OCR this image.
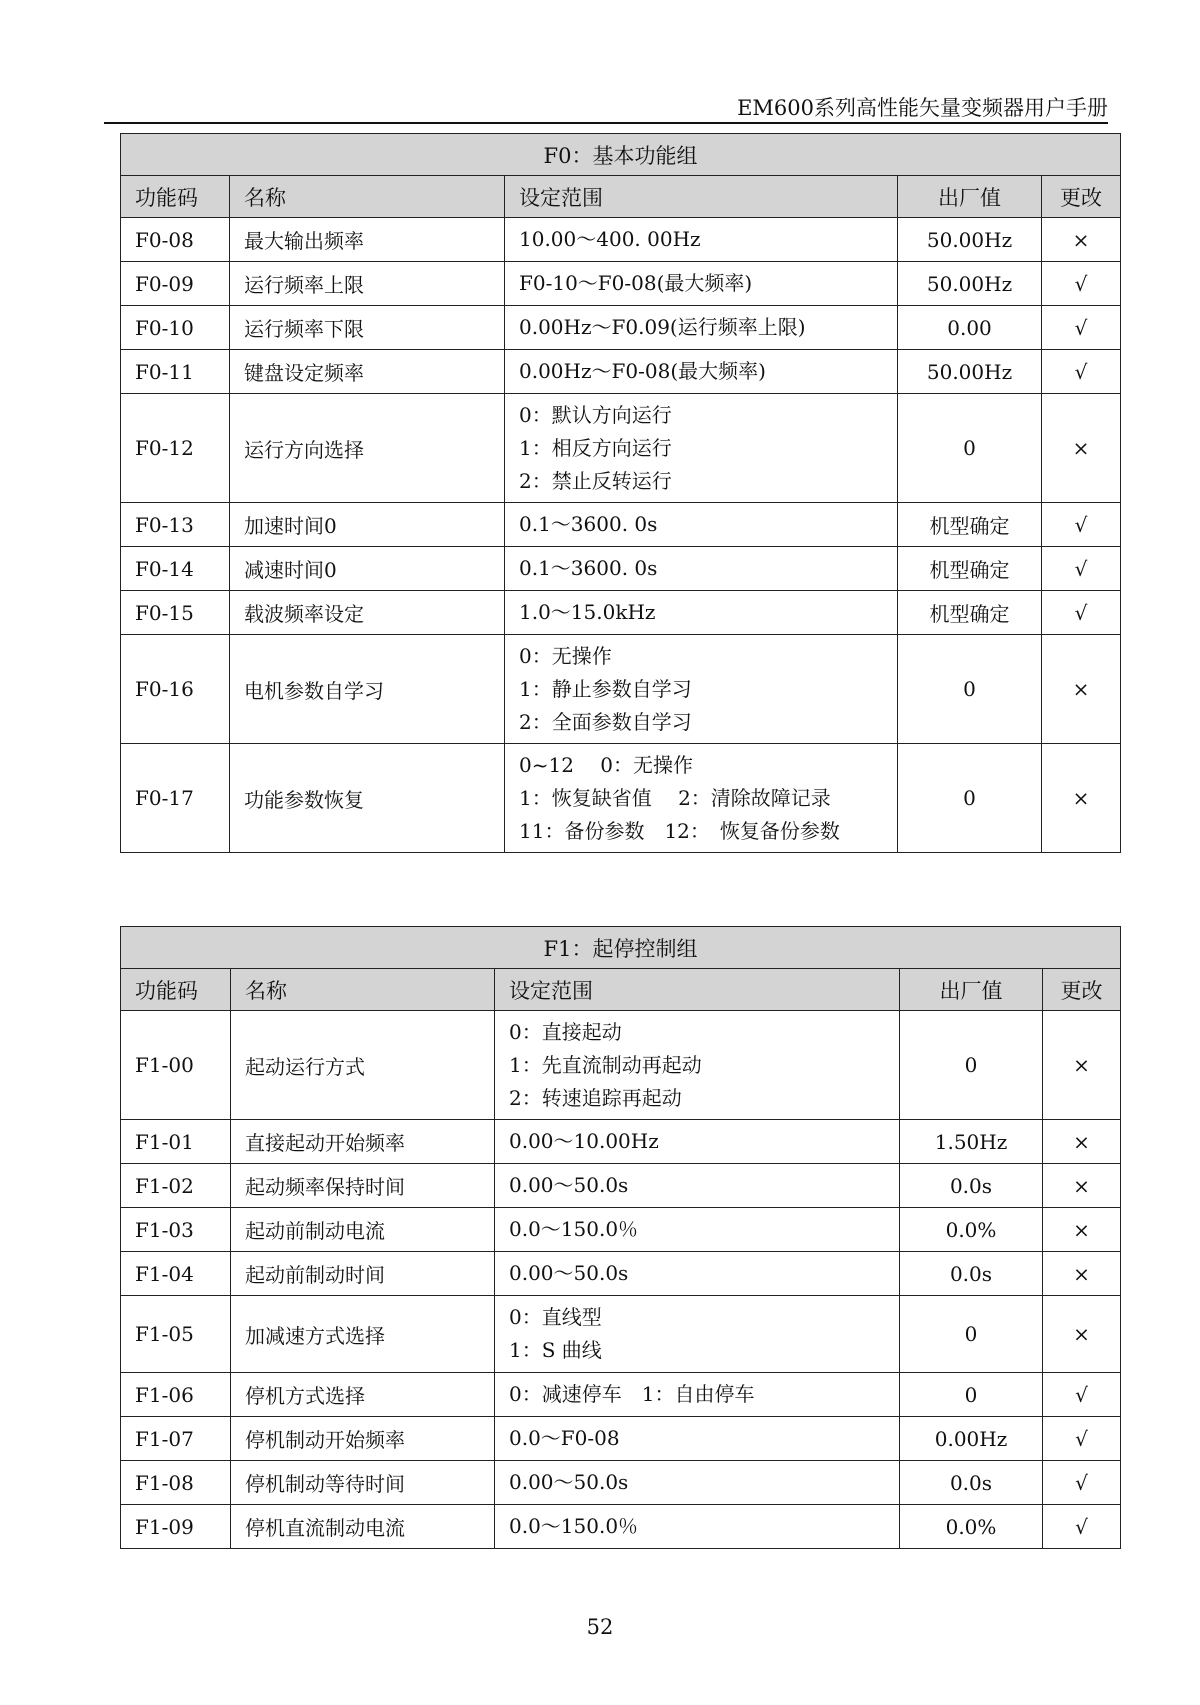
EM600系列高性能矢量变频器用户手册
F0：基本功能组				
功能码	名称	设定范围	出厂值	更改
F0-08	最大输出频率	10.00～400. 00Hz	50.00Hz	×
F0-09	运行频率上限	F0-10～F0-08(最大频率)	50.00Hz	√
F0-10	运行频率下限	0.00Hz～F0.09(运行频率上限)	0.00	√
F0-11	键盘设定频率	0.00Hz～F0-08(最大频率)	50.00Hz	√
F0-12	运行方向选择	0：默认方向运行
1：相反方向运行
2：禁止反转运行	0	×
F0-13	加速时间0	0.1～3600. 0s	机型确定	√
F0-14	减速时间0	0.1～3600. 0s	机型确定	√
F0-15	载波频率设定	1.0～15.0kHz	机型确定	√
F0-16	电机参数自学习	0：无操作
1：静止参数自学习
2：全面参数自学习	0	×
F0-17	功能参数恢复	0~12　 0：无操作
1：恢复缺省值　 2：清除故障记录
11：备份参数　12：　恢复备份参数	0	×
F1：起停控制组				
功能码	名称	设定范围	出厂值	更改
F1-00	起动运行方式	0：直接起动
1：先直流制动再起动
2：转速追踪再起动	0	×
F1-01	直接起动开始频率	0.00～10.00Hz	1.50Hz	×
F1-02	起动频率保持时间	0.00～50.0s	0.0s	×
F1-03	起动前制动电流	0.0～150.0％	0.0%	×
F1-04	起动前制动时间	0.00～50.0s	0.0s	×
F1-05	加减速方式选择	0：直线型
1：S 曲线	0	×
F1-06	停机方式选择	0：减速停车　1：自由停车	0	√
F1-07	停机制动开始频率	0.0～F0-08	0.00Hz	√
F1-08	停机制动等待时间	0.00～50.0s	0.0s	√
F1-09	停机直流制动电流	0.0～150.0％	0.0%	√
52
